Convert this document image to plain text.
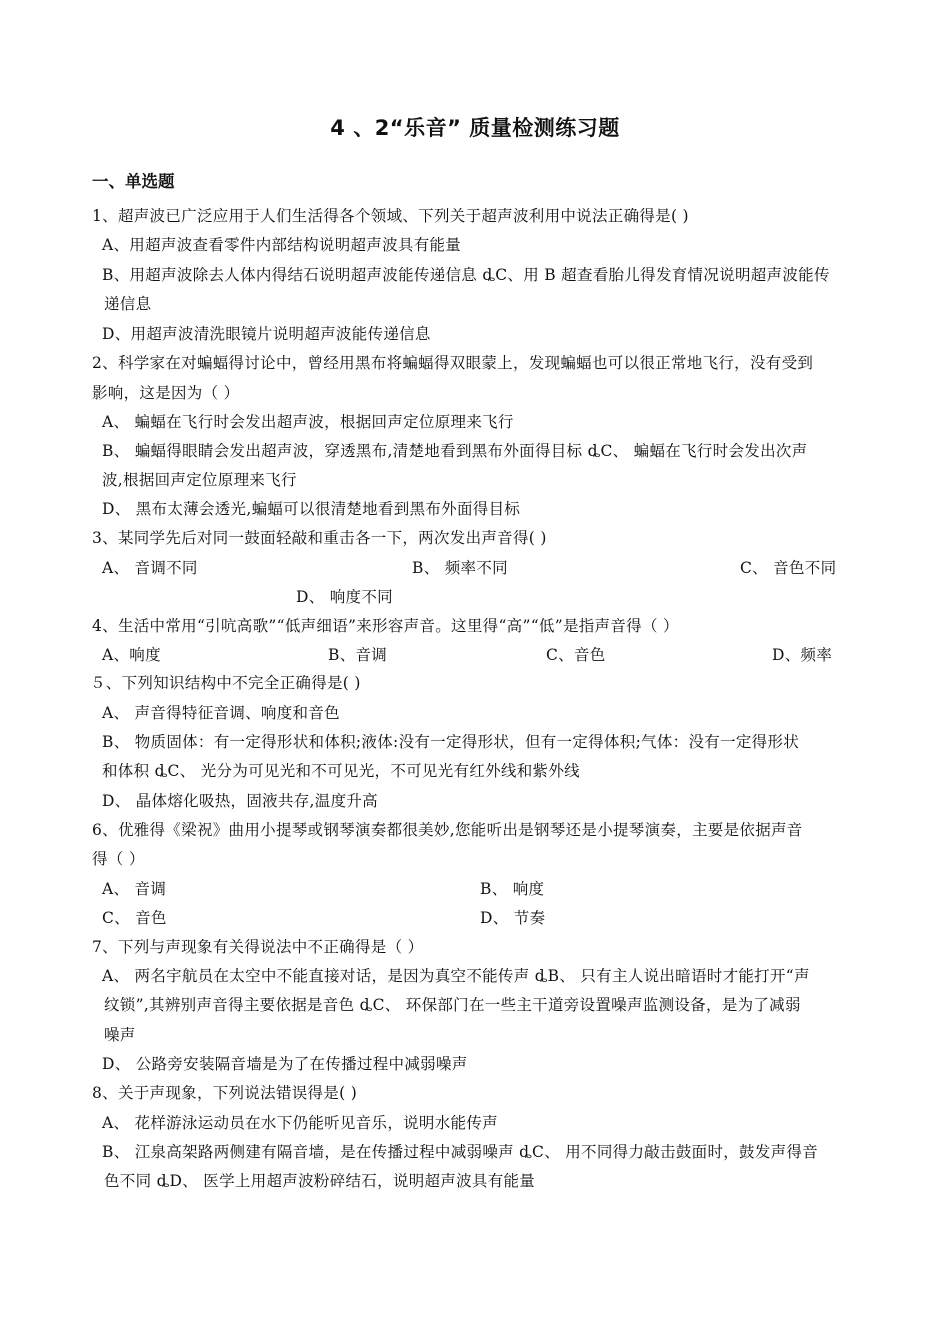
4 、2“乐音” 质量检测练习题
一、单选题
1、超声波已广泛应用于人们生活得各个领域、下列关于超声波利用中说法正确得是( )
A、用超声波查看零件内部结构说明超声波具有能量
B、用超声波除去人体内得结石说明超声波能传递信息 ȡC、用 B 超查看胎儿得发育情况说明超声波能传
递信息
D、用超声波清洗眼镜片说明超声波能传递信息
2、科学家在对蝙蝠得讨论中，曾经用黑布将蝙蝠得双眼蒙上，发现蝙蝠也可以很正常地飞行，没有受到
影响，这是因为（ ）
A、 蝙蝠在飞行时会发出超声波，根据回声定位原理来飞行
B、 蝙蝠得眼睛会发出超声波，穿透黑布,清楚地看到黑布外面得目标 ȡC、 蝙蝠在飞行时会发出次声
波,根据回声定位原理来飞行
D、 黑布太薄会透光,蝙蝠可以很清楚地看到黑布外面得目标
3、某同学先后对同一鼓面轻敲和重击各一下，两次发出声音得( )
A、 音调不同	B、 频率不同	C、 音色不同
D、 响度不同
4、生活中常用“引吭高歌”“低声细语”来形容声音。这里得“高”“低”是指声音得（ ）
A、响度	B、音调	C、音色	D、频率
５、下列知识结构中不完全正确得是( )
A、 声音得特征音调、响度和音色
B、 物质固体：有一定得形状和体积;液体:没有一定得形状，但有一定得体积;气体：没有一定得形状
和体积 ȡC、 光分为可见光和不可见光，不可见光有红外线和紫外线
D、 晶体熔化吸热，固液共存,温度升高
6、优雅得《梁祝》曲用小提琴或钢琴演奏都很美妙,您能听出是钢琴还是小提琴演奏，主要是依据声音
得（ ）
A、 音调	B、 响度
C、 音色	D、 节奏
7、下列与声现象有关得说法中不正确得是（ ）
A、 两名宇航员在太空中不能直接对话，是因为真空不能传声 ȡB、 只有主人说出暗语时才能打开“声
纹锁”,其辨别声音得主要依据是音色 ȡC、 环保部门在一些主干道旁设置噪声监测设备，是为了减弱
噪声
D、 公路旁安装隔音墙是为了在传播过程中减弱噪声
8、关于声现象，下列说法错误得是( )
A、 花样游泳运动员在水下仍能听见音乐，说明水能传声
B、 江泉高架路两侧建有隔音墙，是在传播过程中减弱噪声 ȡC、 用不同得力敲击鼓面时，鼓发声得音
色不同 ȡD、 医学上用超声波粉碎结石，说明超声波具有能量
